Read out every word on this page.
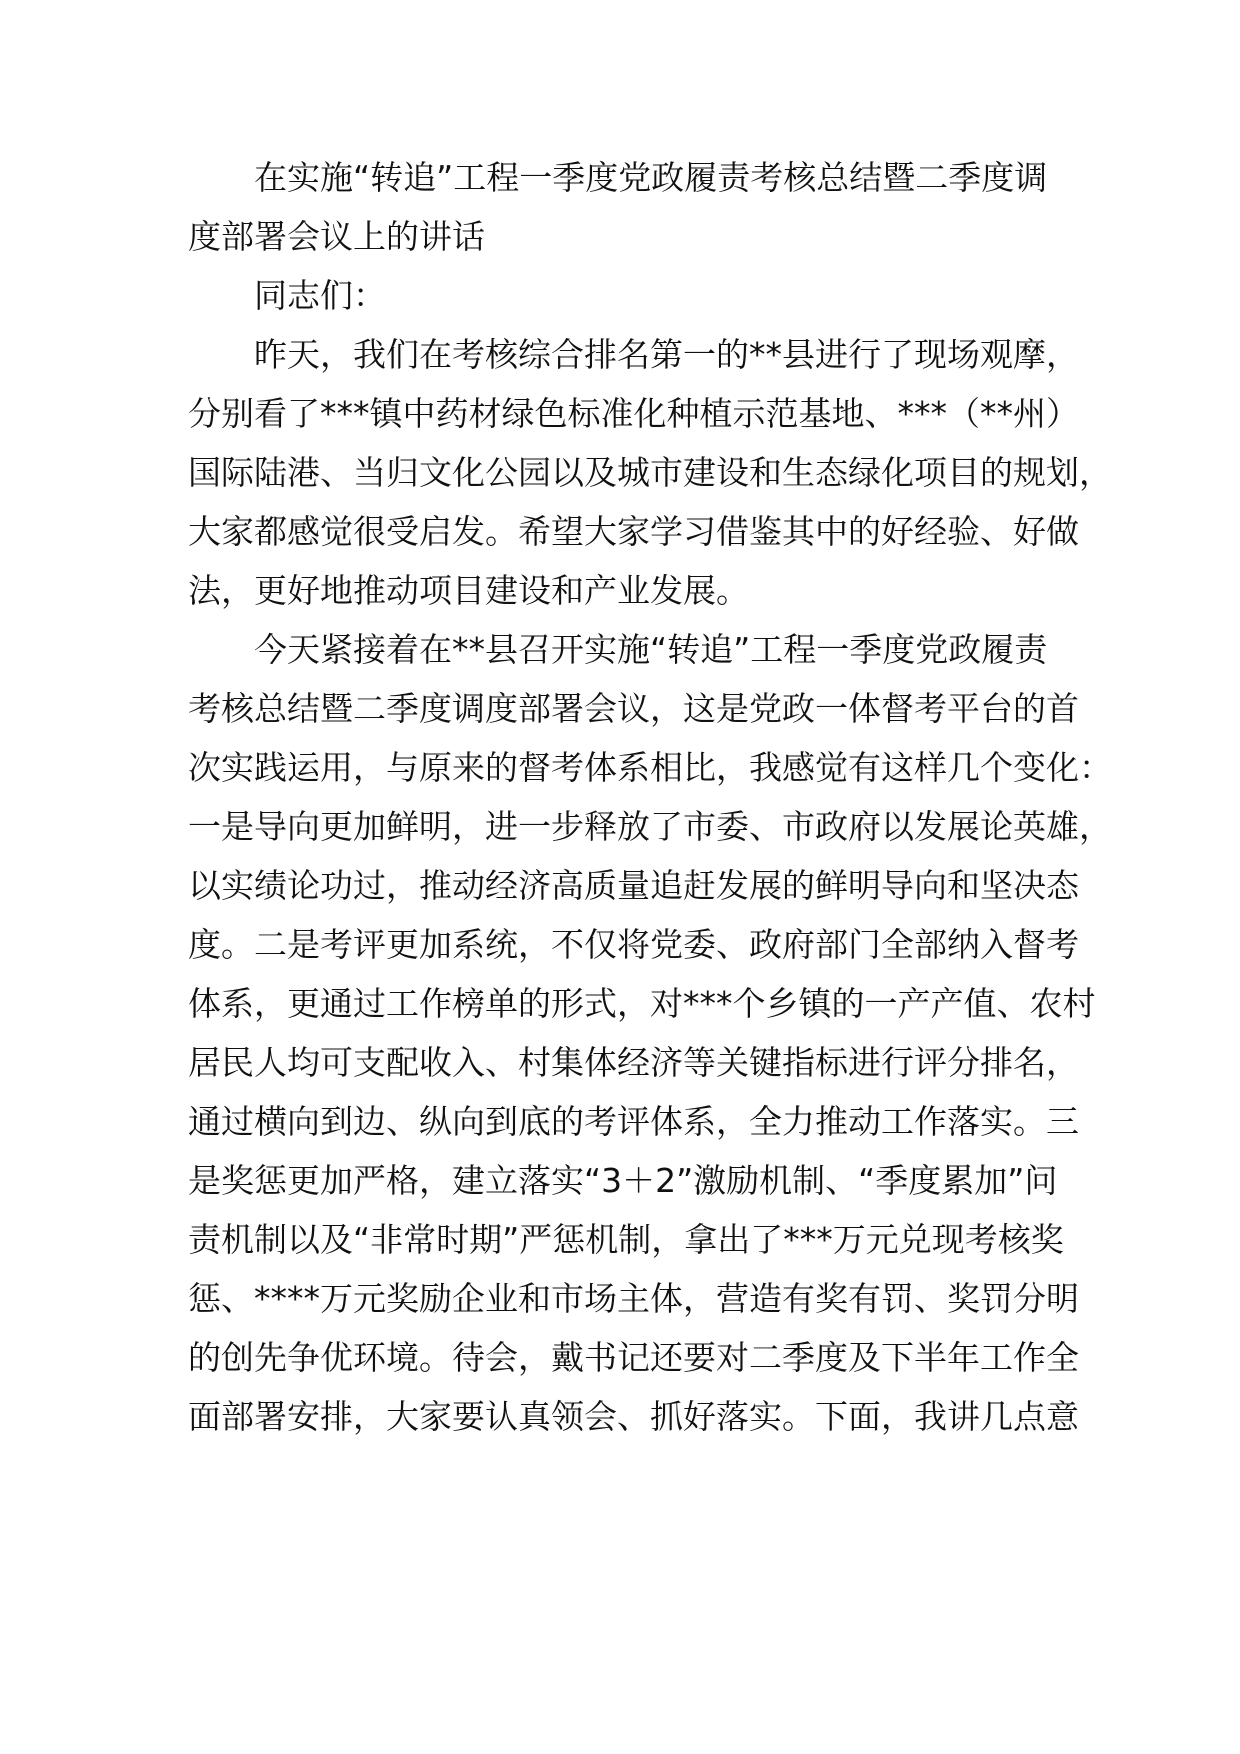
　　在实施“转追”工程一季度党政履责考核总结暨二季度调
度部署会议上的讲话
　　同志们：
　　昨天，我们在考核综合排名第一的**县进行了现场观摩，
分别看了***镇中药材绿色标准化种植示范基地、***（**州）
国际陆港、当归文化公园以及城市建设和生态绿化项目的规划，
大家都感觉很受启发。希望大家学习借鉴其中的好经验、好做
法，更好地推动项目建设和产业发展。
　　今天紧接着在**县召开实施“转追”工程一季度党政履责
考核总结暨二季度调度部署会议，这是党政一体督考平台的首
次实践运用，与原来的督考体系相比，我感觉有这样几个变化：
一是导向更加鲜明，进一步释放了市委、市政府以发展论英雄，
以实绩论功过，推动经济高质量追赶发展的鲜明导向和坚决态
度。二是考评更加系统，不仅将党委、政府部门全部纳入督考
体系，更通过工作榜单的形式，对***个乡镇的一产产值、农村
居民人均可支配收入、村集体经济等关键指标进行评分排名，
通过横向到边、纵向到底的考评体系，全力推动工作落实。三
是奖惩更加严格，建立落实“3＋2”激励机制、“季度累加”问
责机制以及“非常时期”严惩机制，拿出了***万元兑现考核奖
惩、****万元奖励企业和市场主体，营造有奖有罚、奖罚分明
的创先争优环境。待会，戴书记还要对二季度及下半年工作全
面部署安排，大家要认真领会、抓好落实。下面，我讲几点意
